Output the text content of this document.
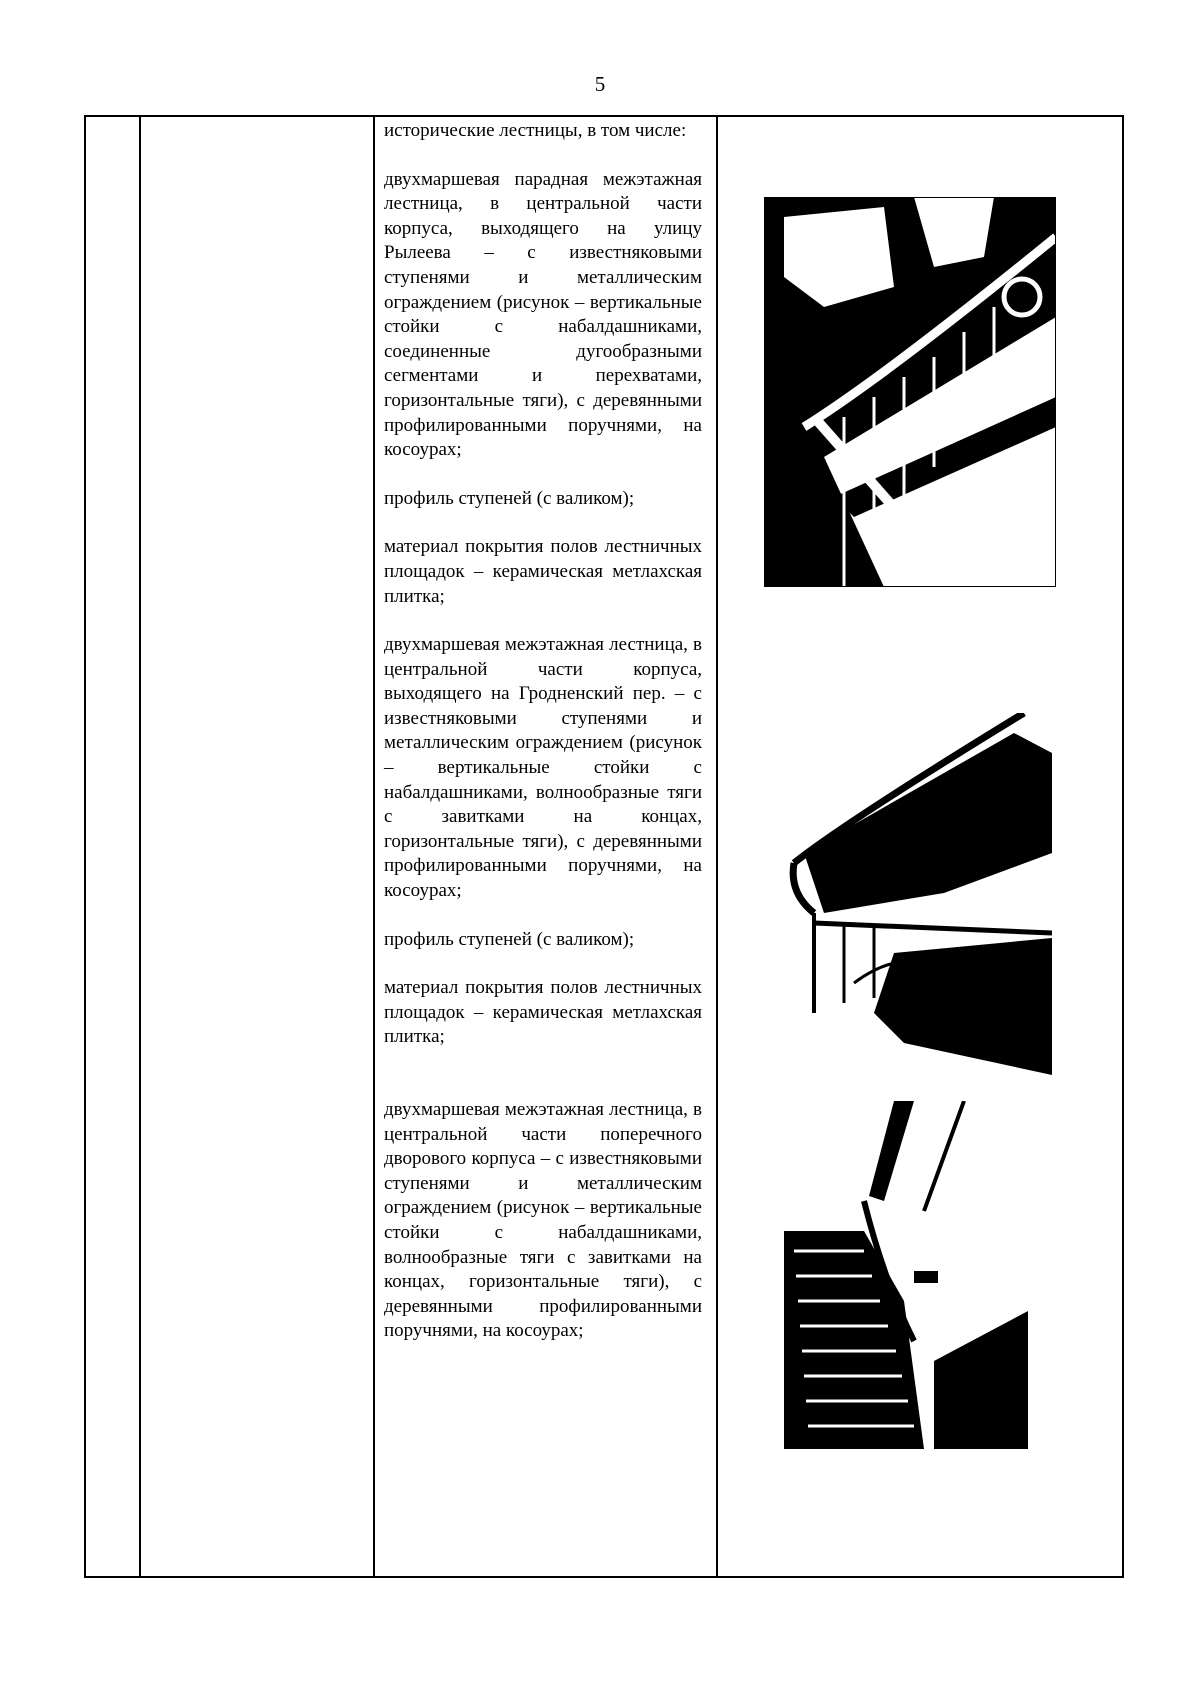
5

исторические лестницы, в том числе:

двухмаршевая парадная межэтажная лестница, в центральной части корпуса, выходящего на улицу Рылеева – с известняковыми ступенями и металлическим ограждением (рисунок – вертикальные стойки с набалдашниками, соединенные дугообразными сегментами и перехватами, горизонтальные тяги), с деревянными профилированными поручнями, на косоурах;

профиль ступеней (с валиком);

материал покрытия полов лестничных площадок – керамическая метлахская плитка;

двухмаршевая межэтажная лестница, в центральной части корпуса, выходящего на Гродненский пер. – с известняковыми ступенями и металлическим ограждением (рисунок – вертикальные стойки с набалдашниками, волнообразные тяги с завитками на концах, горизонтальные тяги), с деревянными профилированными поручнями, на косоурах;

профиль ступеней (с валиком);

материал покрытия полов лестничных площадок – керамическая метлахская плитка;

двухмаршевая межэтажная лестница, в центральной части поперечного дворового корпуса – с известняковыми ступенями и металлическим ограждением (рисунок – вертикальные стойки с набалдашниками, волнообразные тяги с завитками на концах, горизонтальные тяги), с деревянными профилированными поручнями, на косоурах;
